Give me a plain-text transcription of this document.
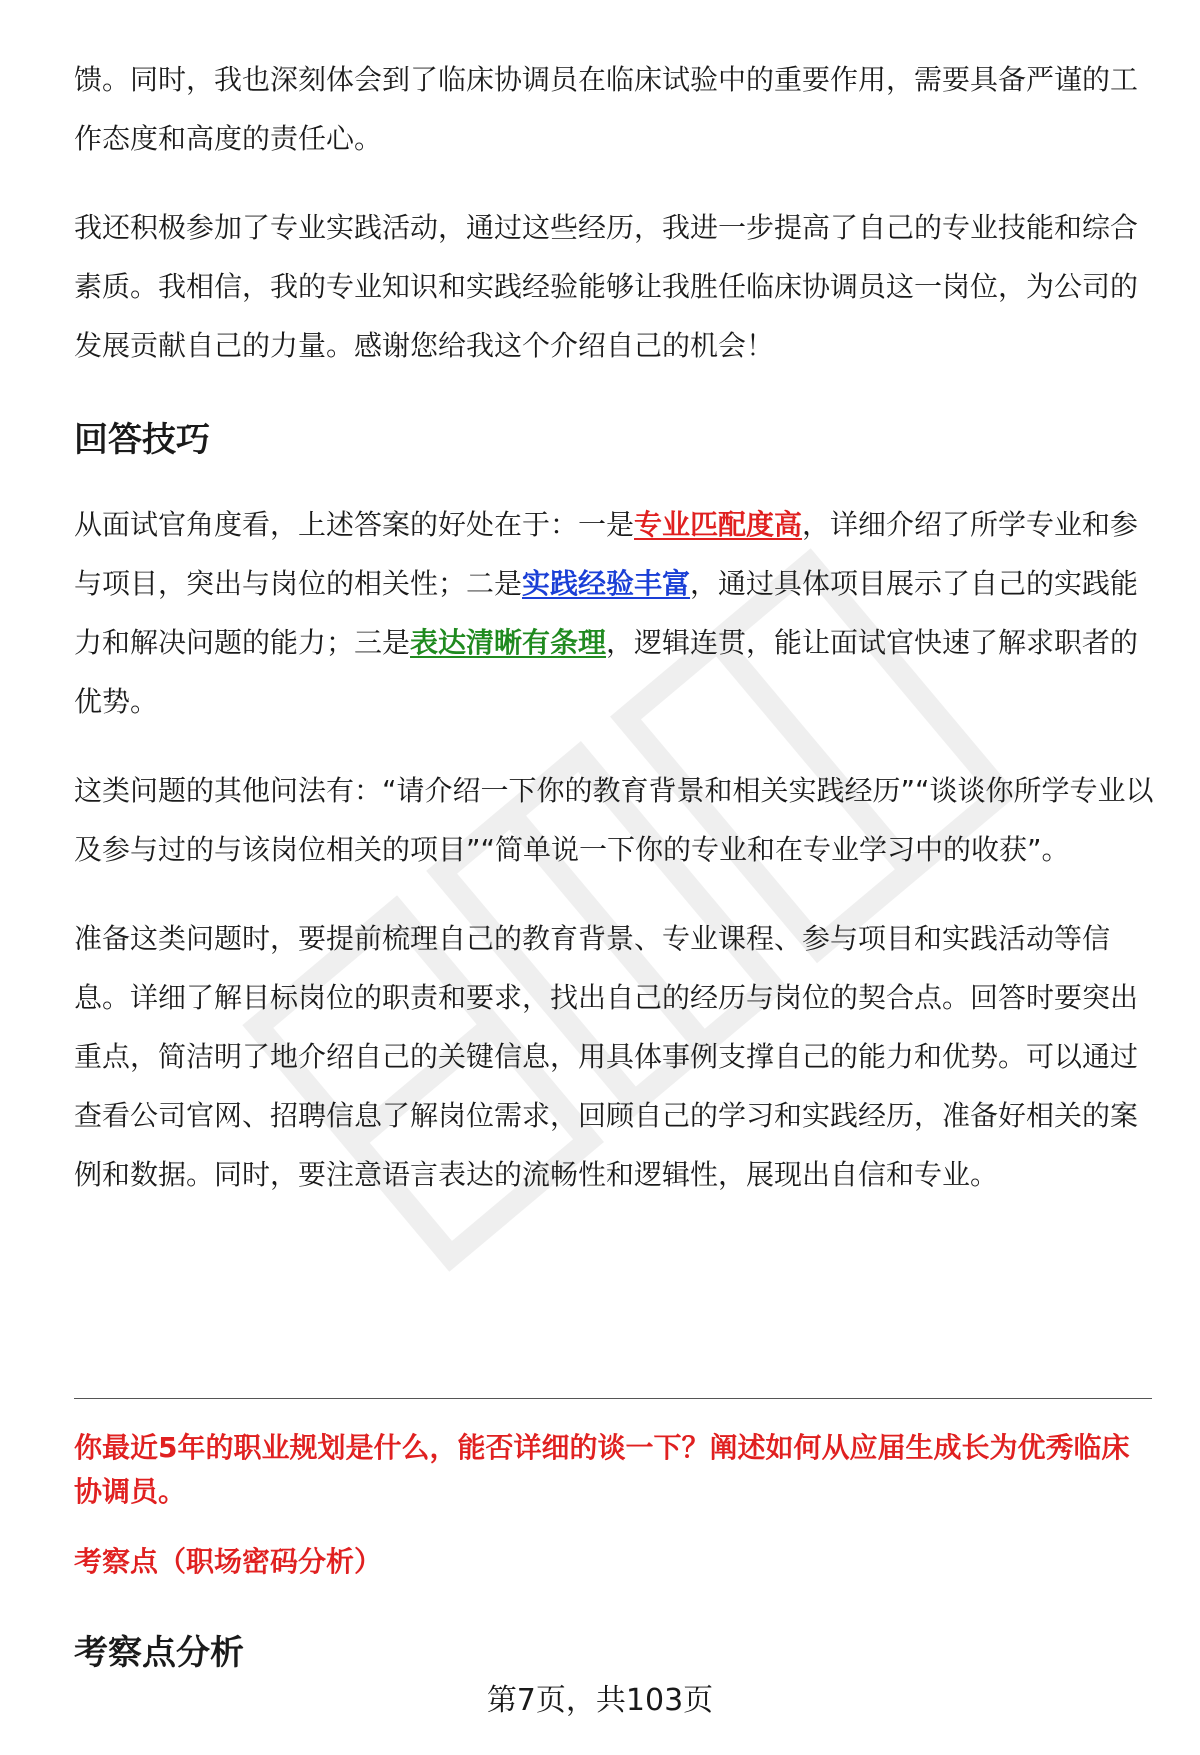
馈。同时，我也深刻体会到了临床协调员在临床试验中的重要作用，需要具备严谨的工作态度和高度的责任心。

我还积极参加了专业实践活动，通过这些经历，我进一步提高了自己的专业技能和综合素质。我相信，我的专业知识和实践经验能够让我胜任临床协调员这一岗位，为公司的发展贡献自己的力量。感谢您给我这个介绍自己的机会！

回答技巧

从面试官角度看，上述答案的好处在于：一是专业匹配度高，详细介绍了所学专业和参与项目，突出与岗位的相关性；二是实践经验丰富，通过具体项目展示了自己的实践能力和解决问题的能力；三是表达清晰有条理，逻辑连贯，能让面试官快速了解求职者的优势。

这类问题的其他问法有：“请介绍一下你的教育背景和相关实践经历”“谈谈你所学专业以及参与过的与该岗位相关的项目”“简单说一下你的专业和在专业学习中的收获”。

准备这类问题时，要提前梳理自己的教育背景、专业课程、参与项目和实践活动等信息。详细了解目标岗位的职责和要求，找出自己的经历与岗位的契合点。回答时要突出重点，简洁明了地介绍自己的关键信息，用具体事例支撑自己的能力和优势。可以通过查看公司官网、招聘信息了解岗位需求，回顾自己的学习和实践经历，准备好相关的案例和数据。同时，要注意语言表达的流畅性和逻辑性，展现出自信和专业。

你最近5年的职业规划是什么，能否详细的谈一下？阐述如何从应届生成长为优秀临床协调员。

考察点（职场密码分析）

考察点分析
第7页，共103页
